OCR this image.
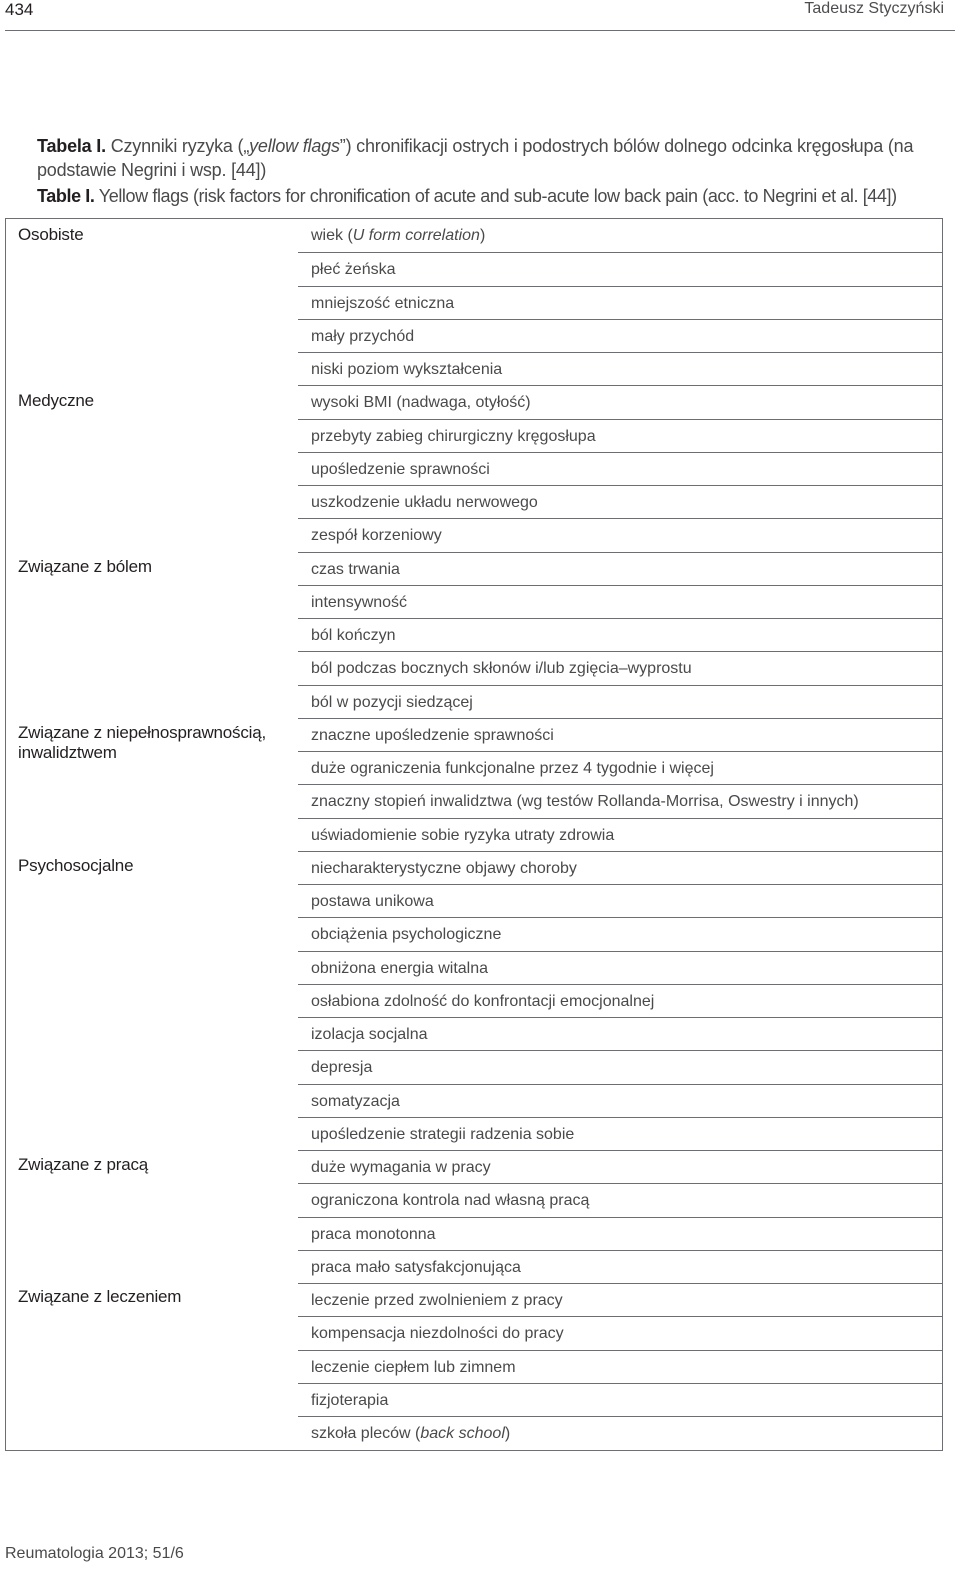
434	Tadeusz Styczyński
Tabela I. Czynniki ryzyka („yellow flags”) chronifikacji ostrych i podostrych bólów dolnego odcinka kręgosłupa (na podstawie Negrini i wsp. [44])
Table I. Yellow flags (risk factors for chronification of acute and sub-acute low back pain (acc. to Negrini et al. [44])
Osobiste
Medyczne
Związane z bólem
Związane z niepełnosprawnością, inwalidztwem
Psychosocjalne
Związane z pracą
Związane z leczeniem
wiek (U form correlation)
płeć żeńska
mniejszość etniczna
mały przychód
niski poziom wykształcenia
wysoki BMI (nadwaga, otyłość)
przebyty zabieg chirurgiczny kręgosłupa
upośledzenie sprawności
uszkodzenie układu nerwowego
zespół korzeniowy
czas trwania
intensywność
ból kończyn
ból podczas bocznych skłonów i/lub zgięcia–wyprostu
ból w pozycji siedzącej
znaczne upośledzenie sprawności
duże ograniczenia funkcjonalne przez 4 tygodnie i więcej
znaczny stopień inwalidztwa (wg testów Rollanda-Morrisa, Oswestry i innych)
uświadomienie sobie ryzyka utraty zdrowia
niecharakterystyczne objawy choroby
postawa unikowa
obciążenia psychologiczne
obniżona energia witalna
osłabiona zdolność do konfrontacji emocjonalnej
izolacja socjalna
depresja
somatyzacja
upośledzenie strategii radzenia sobie
duże wymagania w pracy
ograniczona kontrola nad własną pracą
praca monotonna
praca mało satysfakcjonująca
leczenie przed zwolnieniem z pracy
kompensacja niezdolności do pracy
leczenie ciepłem lub zimnem
fizjoterapia
szkoła pleców (back school)
Reumatologia 2013; 51/6
